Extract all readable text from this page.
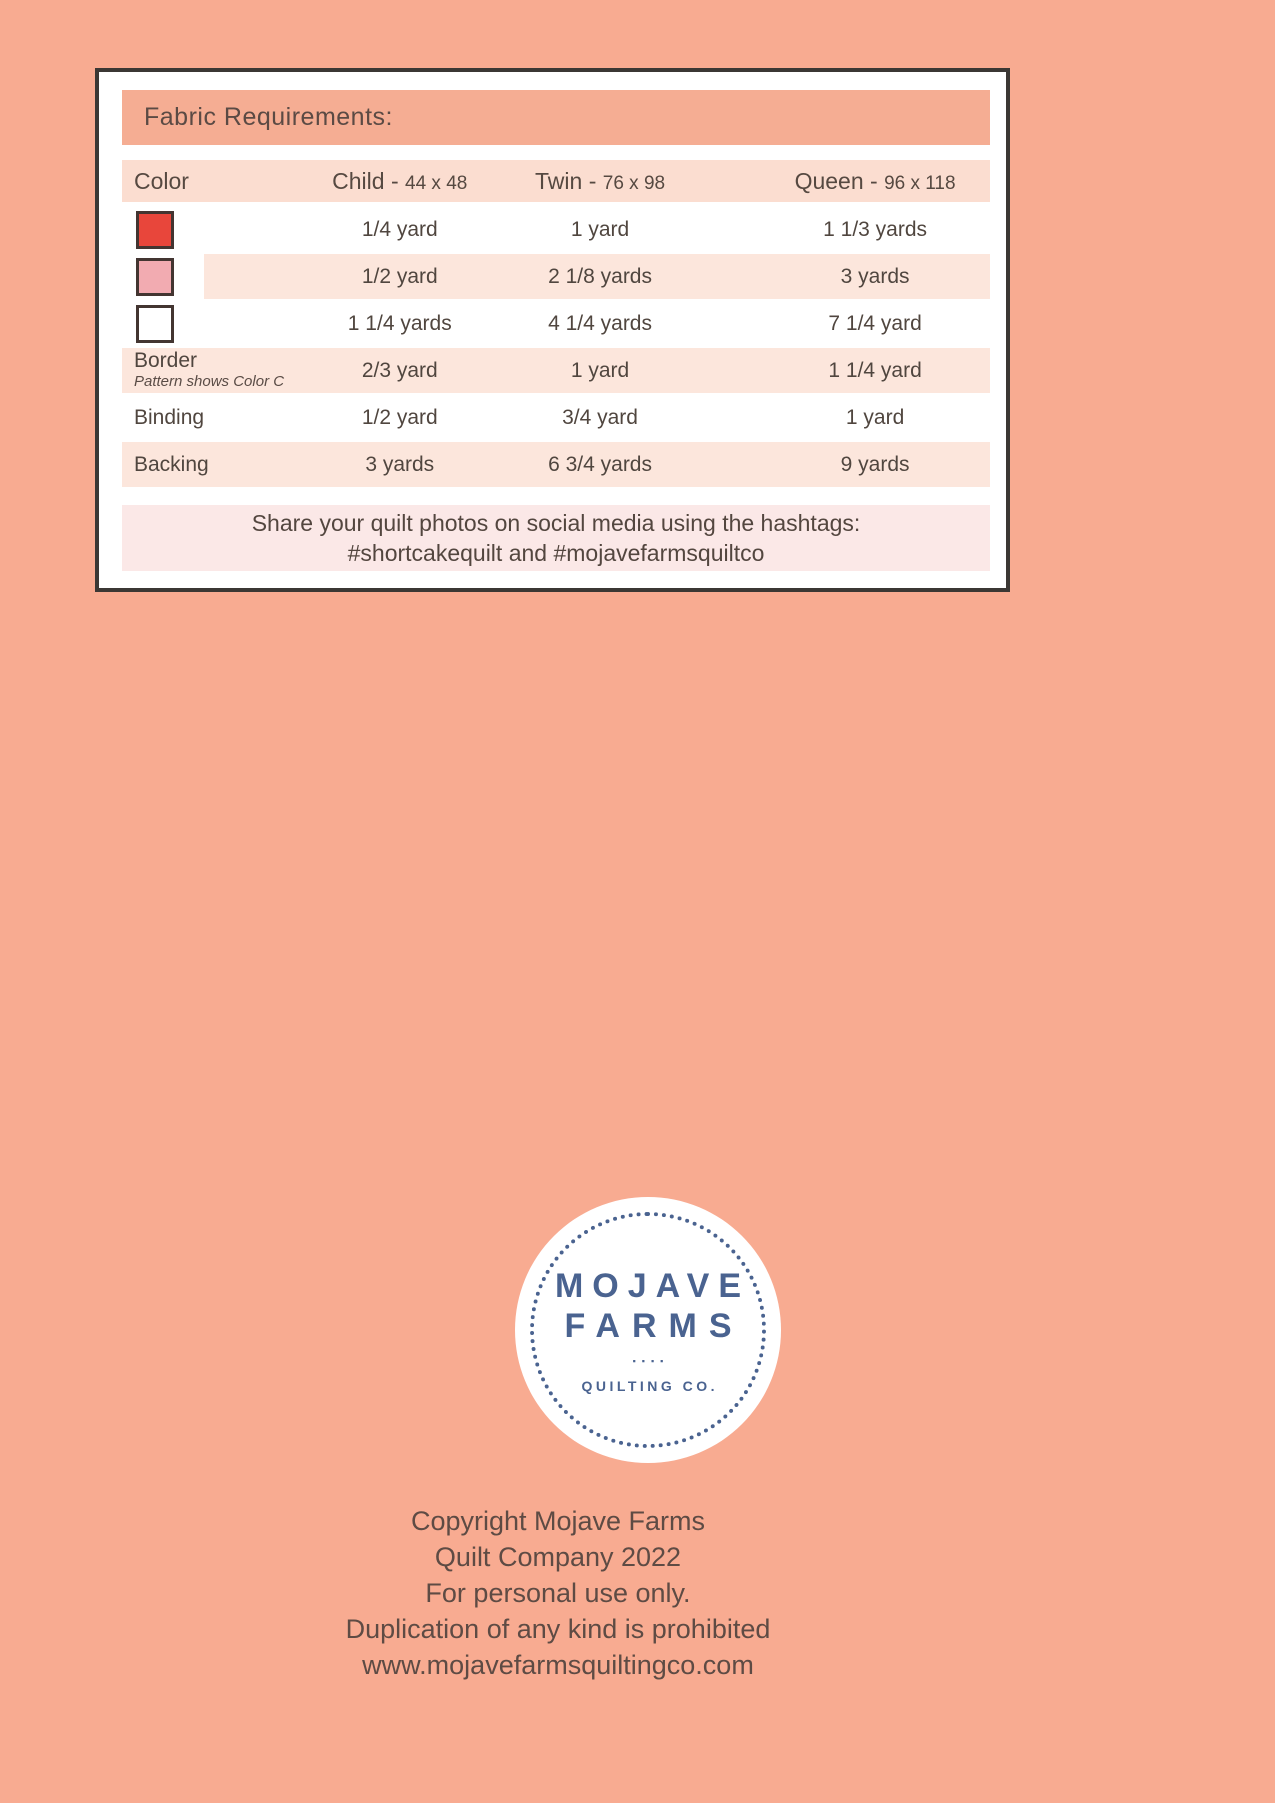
Fabric Requirements:
Color	Child - 44 x 48	Twin - 76 x 98	Queen - 96 x 118
1/4 yard	1 yard	1 1/3 yards
1/2 yard	2 1/8 yards	3 yards
1 1/4 yards	4 1/4 yards	7 1/4 yard
Border
Pattern shows Color C	2/3 yard	1 yard	1 1/4 yard
Binding	1/2 yard	3/4 yard	1 yard
Backing	3 yards	6 3/4 yards	9 yards
Share your quilt photos on social media using the hashtags:
#shortcakequilt and #mojavefarmsquiltco
MOJAVE
FARMS
▪▪▪▪
QUILTING CO.
Copyright Mojave Farms
Quilt Company 2022
For personal use only.
Duplication of any kind is prohibited
www.mojavefarmsquiltingco.com
